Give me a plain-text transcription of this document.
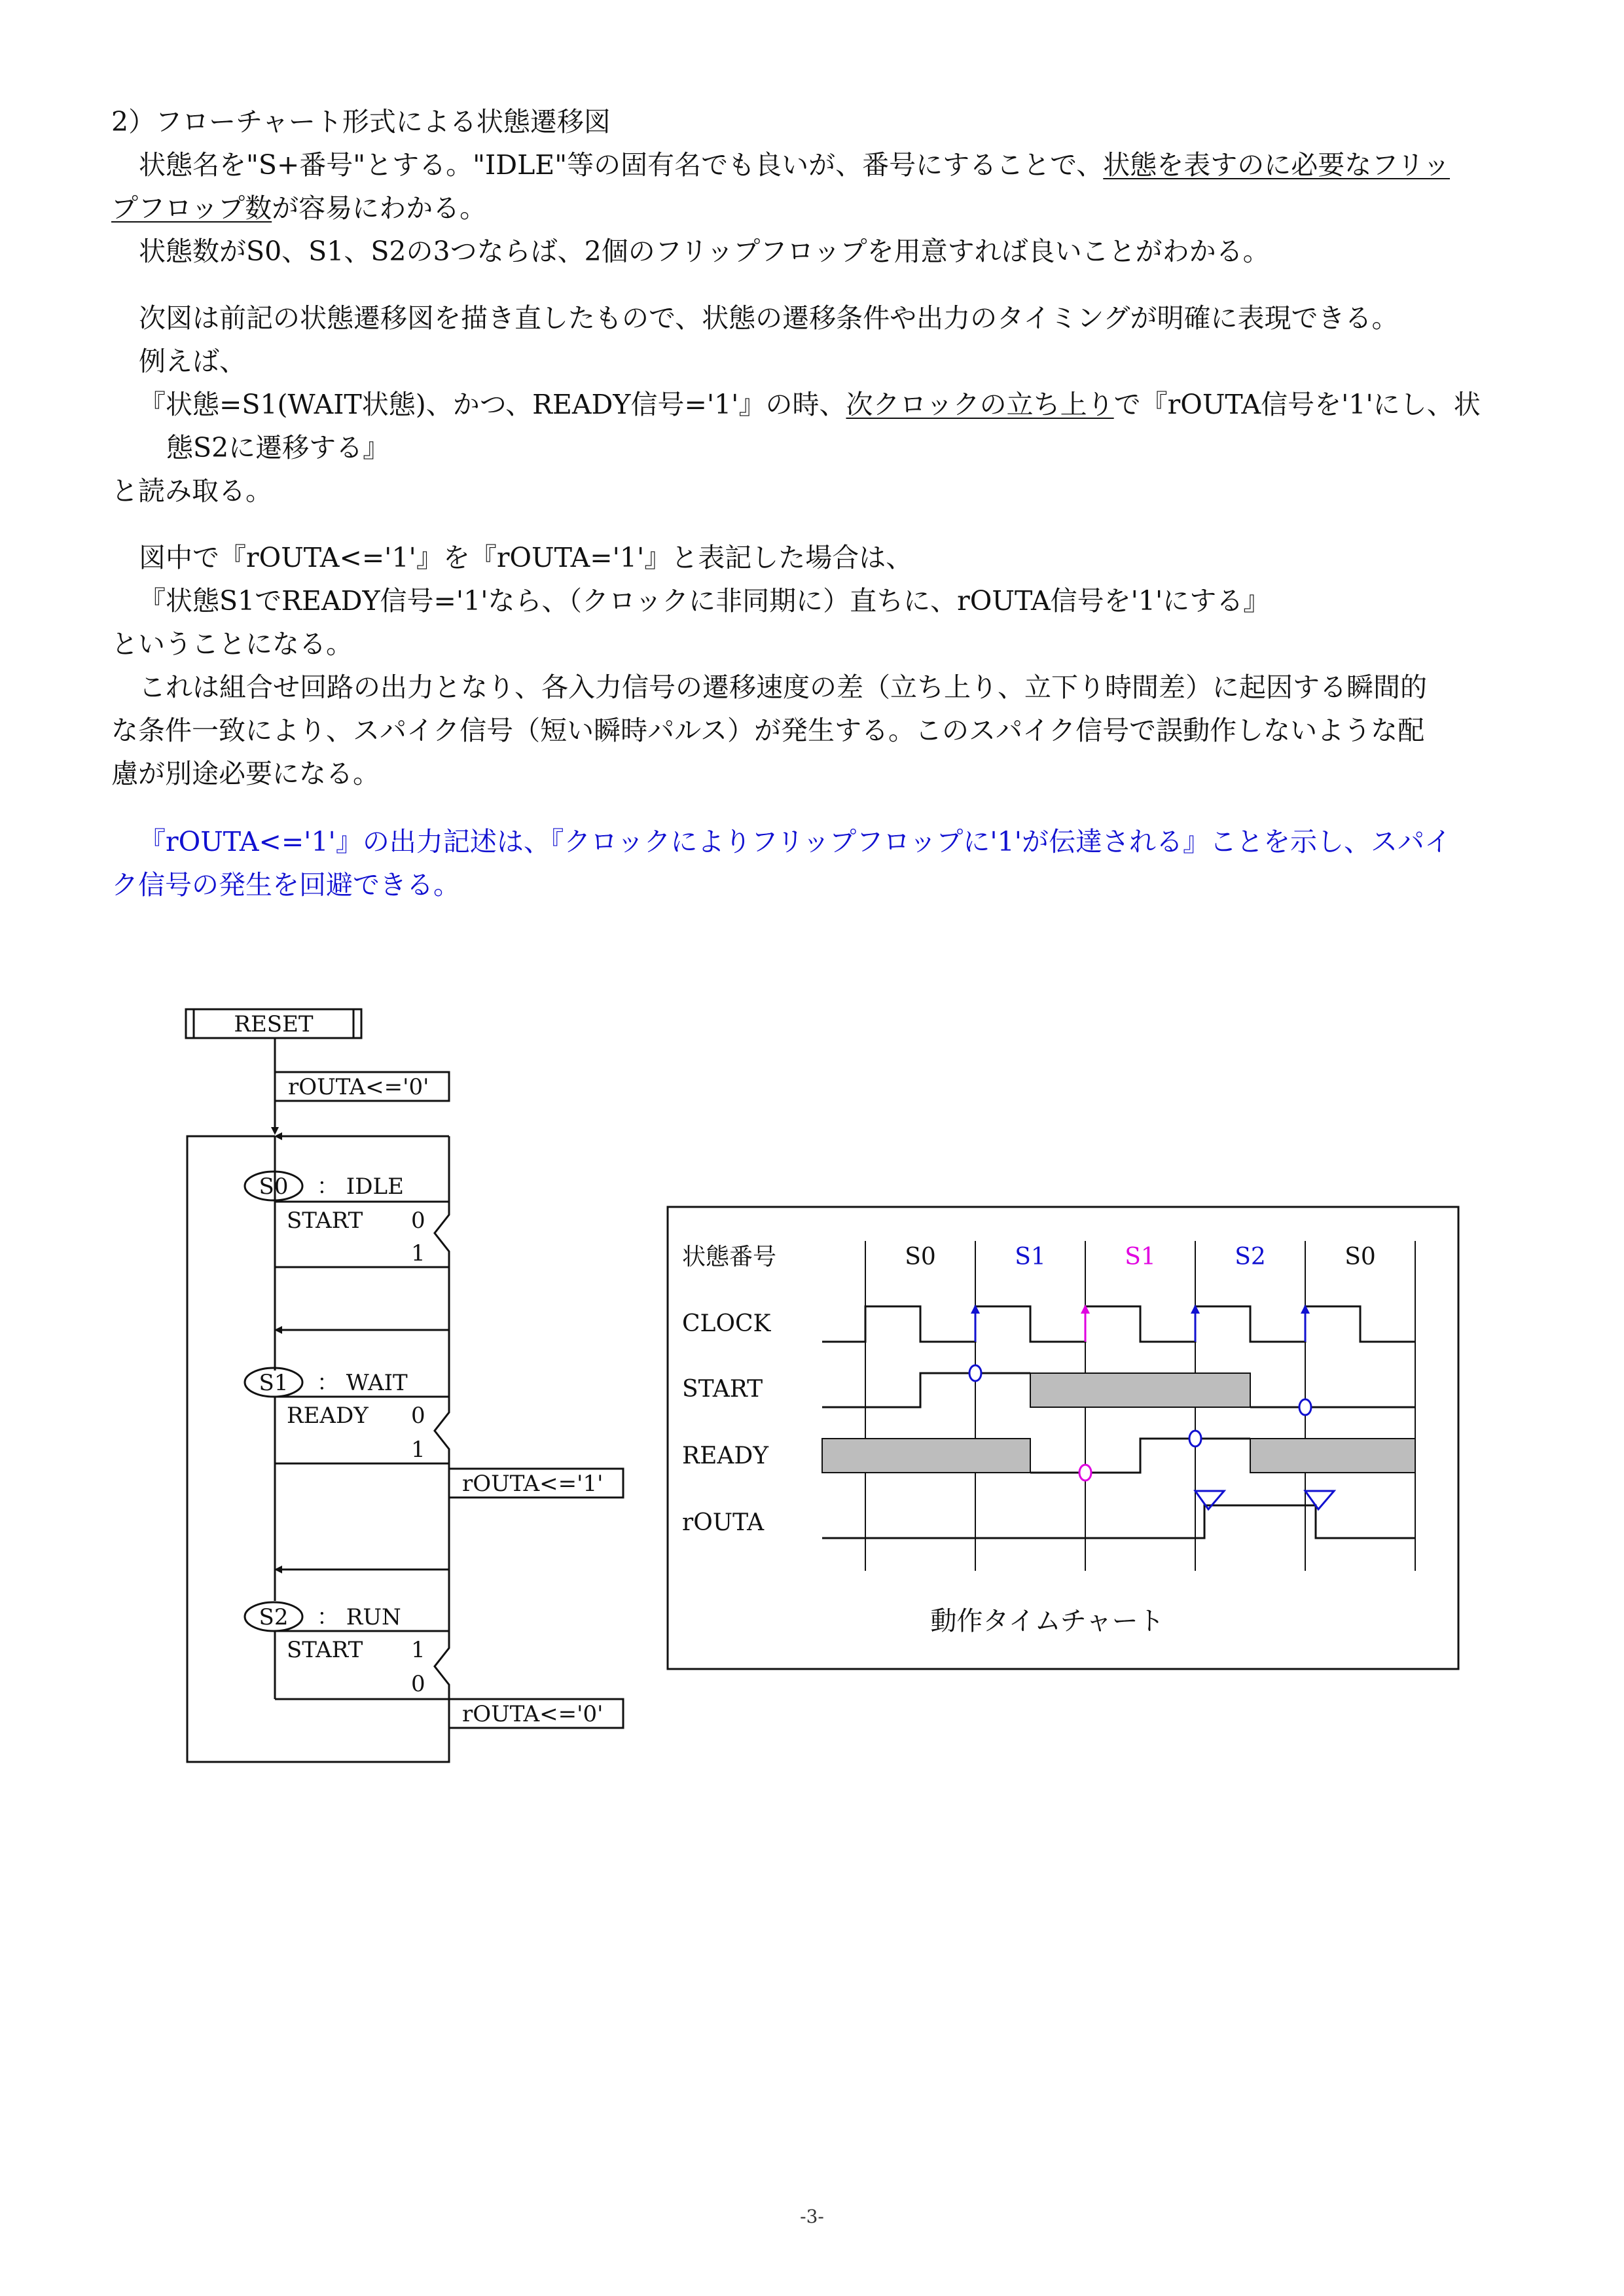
2）フローチャート形式による状態遷移図
状態名を"S+番号"とする。"IDLE"等の固有名でも良いが、番号にすることで、状態を表すのに必要なフリッ
プフロップ数が容易にわかる。
状態数がS0、S1、S2の3つならば、2個のフリップフロップを用意すれば良いことがわかる。
次図は前記の状態遷移図を描き直したもので、状態の遷移条件や出力のタイミングが明確に表現できる。
例えば、
『状態=S1(WAIT状態)、かつ、READY信号='1'』の時、次クロックの立ち上りで『rOUTA信号を'1'にし、状
態S2に遷移する』
と読み取る。
図中で『rOUTA<='1'』を『rOUTA='1'』と表記した場合は、
『状態S1でREADY信号='1'なら、（クロックに非同期に）直ちに、rOUTA信号を'1'にする』
ということになる。
これは組合せ回路の出力となり、各入力信号の遷移速度の差（立ち上り、立下り時間差）に起因する瞬間的
な条件一致により、スパイク信号（短い瞬時パルス）が発生する。このスパイク信号で誤動作しないような配
慮が別途必要になる。
『rOUTA<='1'』の出力記述は、『クロックによりフリップフロップに'1'が伝達される』ことを示し、スパイ
ク信号の発生を回避できる。
RESET
rOUTA<='0'
S0 ： IDLE
START 0
1
S1 ： WAIT
READY 0
1
rOUTA<='1'
S2 ： RUN
START 1
0
rOUTA<='0'
状態番号
CLOCK
START
READY
rOUTA
S0	S1	S1	S2	S0
動作タイムチャート
-3-
